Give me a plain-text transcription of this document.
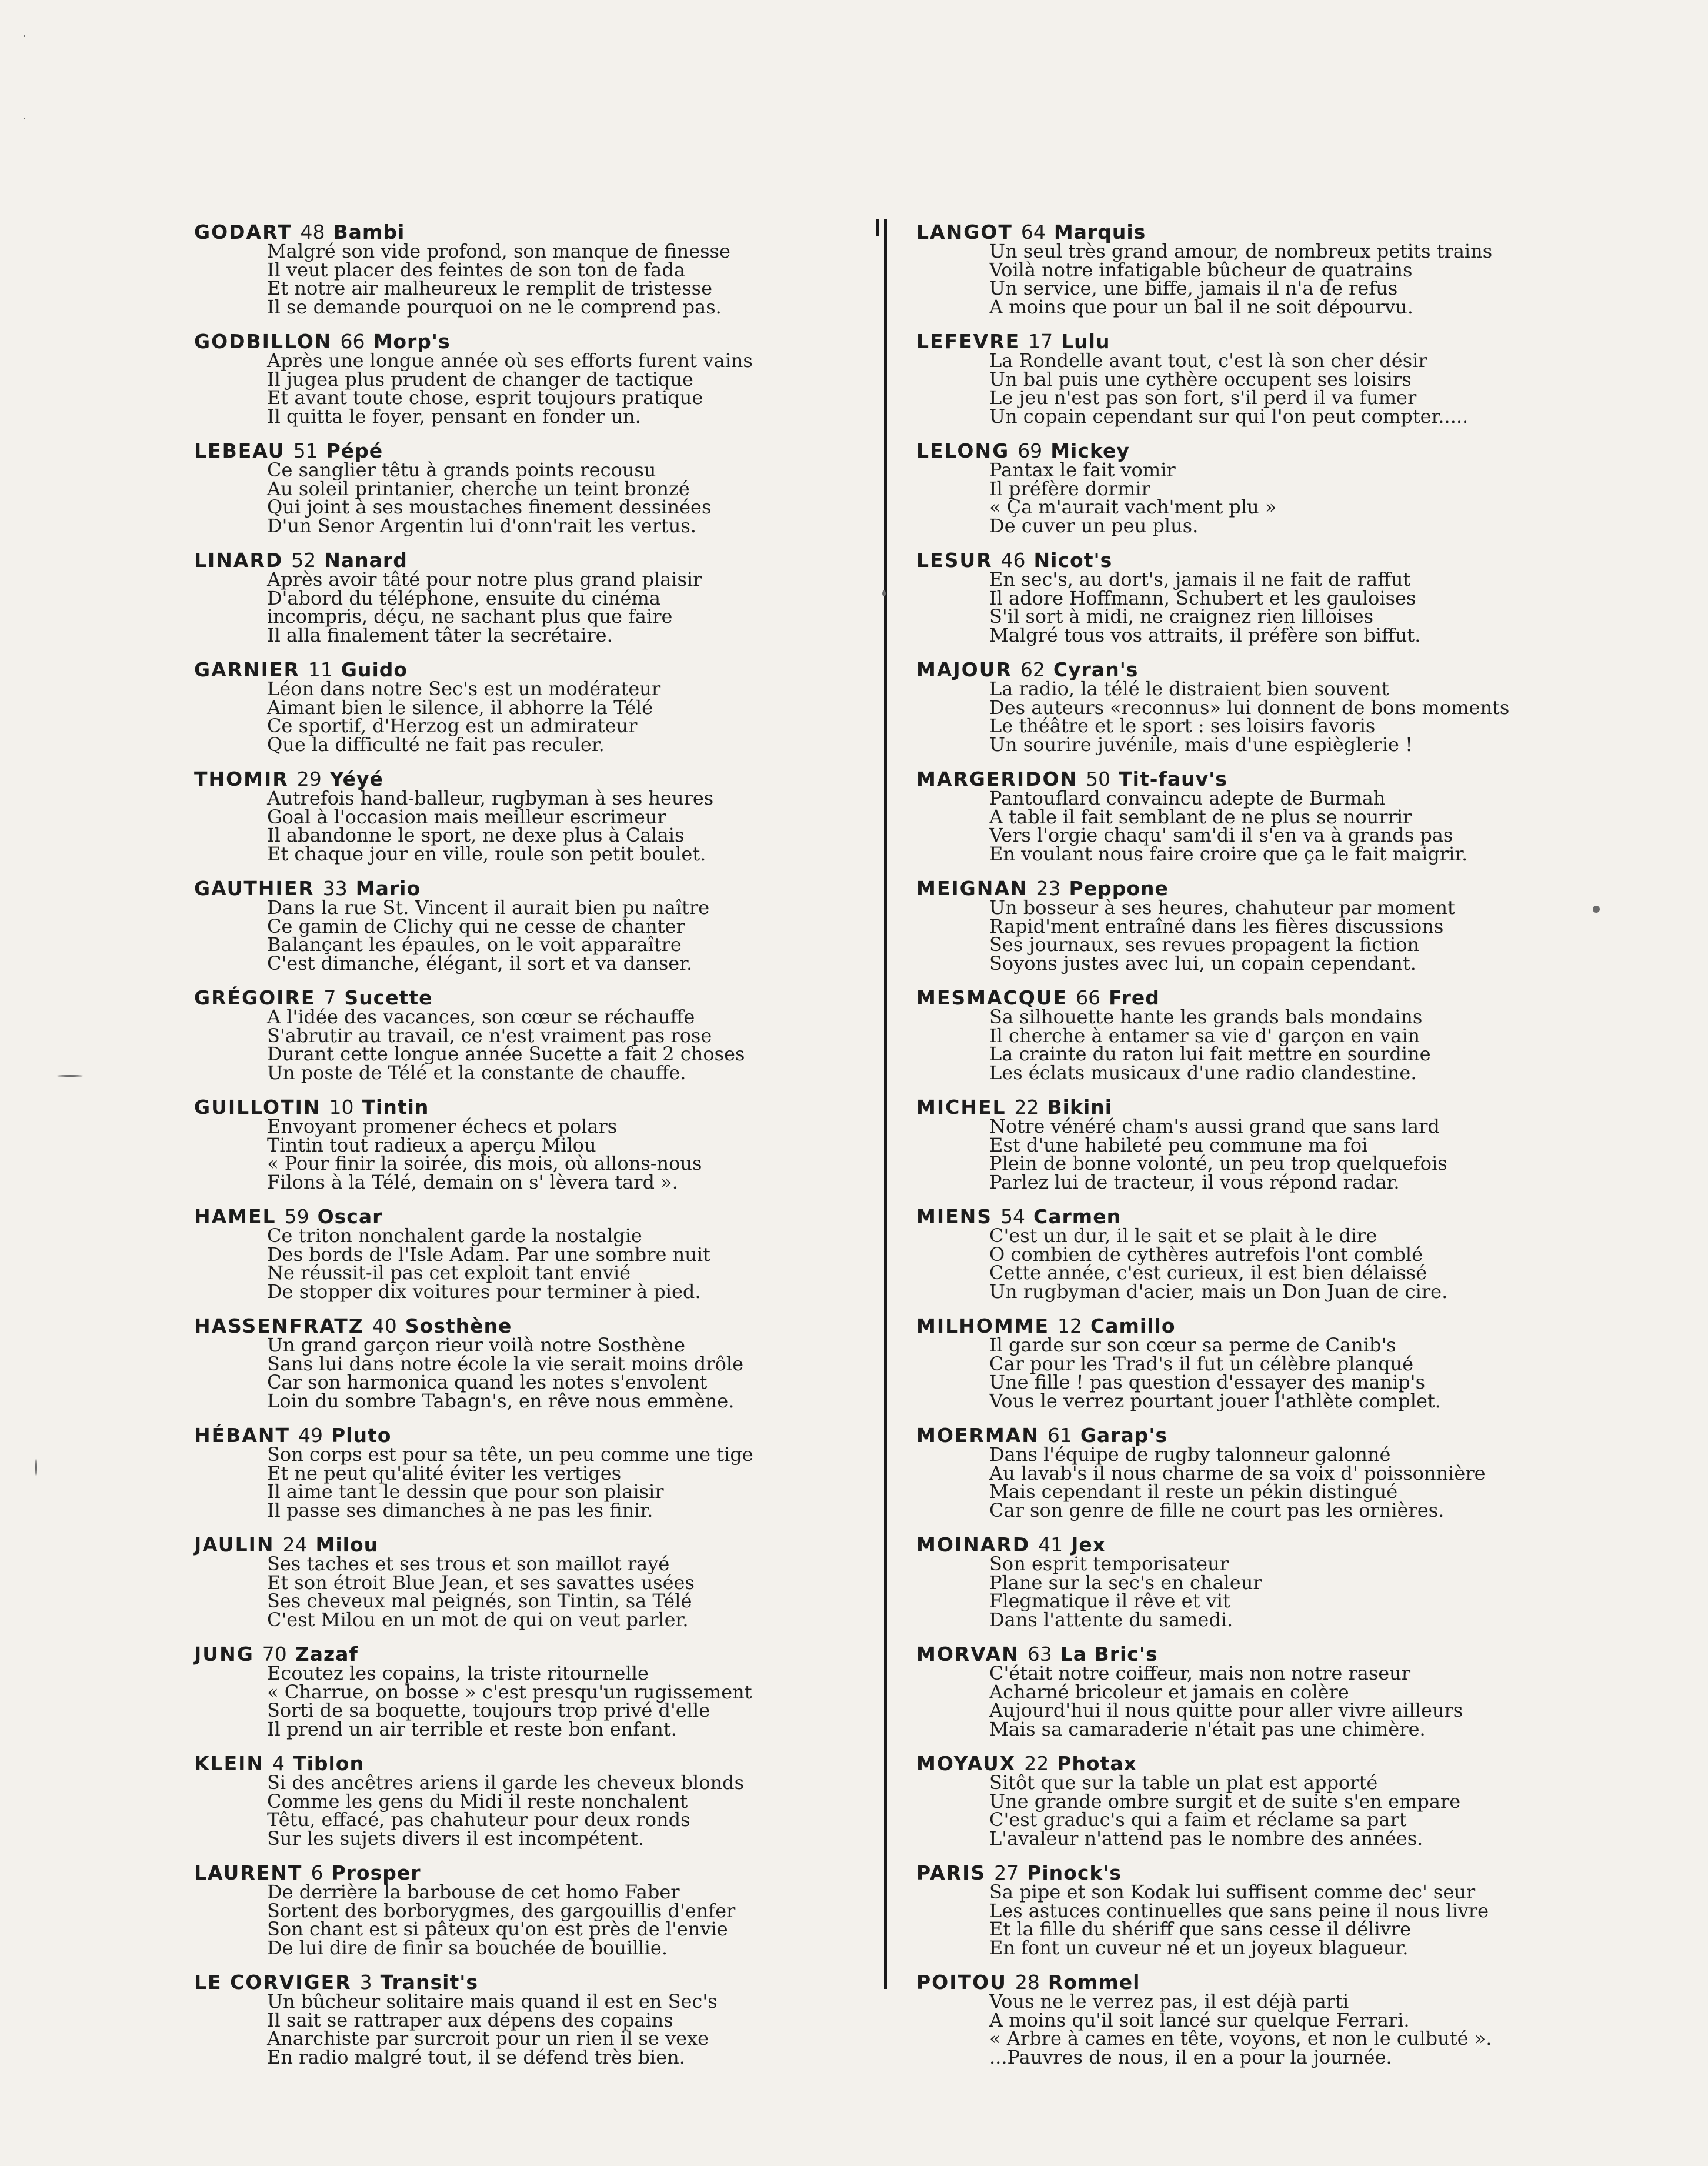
GODART 48 Bambi
Malgré son vide profond, son manque de finesse
Il veut placer des feintes de son ton de fada
Et notre air malheureux le remplit de tristesse
Il se demande pourquoi on ne le comprend pas.
GODBILLON 66 Morp's
Après une longue année où ses efforts furent vains
Il jugea plus prudent de changer de tactique
Et avant toute chose, esprit toujours pratique
Il quitta le foyer, pensant en fonder un.
LEBEAU 51 Pépé
Ce sanglier têtu à grands points recousu
Au soleil printanier, cherche un teint bronzé
Qui joint à ses moustaches finement dessinées
D'un Senor Argentin lui d'onn'rait les vertus.
LINARD 52 Nanard
Après avoir tâté pour notre plus grand plaisir
D'abord du téléphone, ensuite du cinéma
incompris, déçu, ne sachant plus que faire
Il alla finalement tâter la secrétaire.
GARNIER 11 Guido
Léon dans notre Sec's est un modérateur
Aimant bien le silence, il abhorre la Télé
Ce sportif, d'Herzog est un admirateur
Que la difficulté ne fait pas reculer.
THOMIR 29 Yéyé
Autrefois hand-balleur, rugbyman à ses heures
Goal à l'occasion mais meilleur escrimeur
Il abandonne le sport, ne dexe plus à Calais
Et chaque jour en ville, roule son petit boulet.
GAUTHIER 33 Mario
Dans la rue St. Vincent il aurait bien pu naître
Ce gamin de Clichy qui ne cesse de chanter
Balançant les épaules, on le voit apparaître
C'est dimanche, élégant, il sort et va danser.
GRÉGOIRE 7 Sucette
A l'idée des vacances, son cœur se réchauffe
S'abrutir au travail, ce n'est vraiment pas rose
Durant cette longue année Sucette a fait 2 choses
Un poste de Télé et la constante de chauffe.
GUILLOTIN 10 Tintin
Envoyant promener échecs et polars
Tintin tout radieux a aperçu Milou
« Pour finir la soirée, dis mois, où allons-nous
Filons à la Télé, demain on s' lèvera tard ».
HAMEL 59 Oscar
Ce triton nonchalent garde la nostalgie
Des bords de l'Isle Adam. Par une sombre nuit
Ne réussit-il pas cet exploit tant envié
De stopper dix voitures pour terminer à pied.
HASSENFRATZ 40 Sosthène
Un grand garçon rieur voilà notre Sosthène
Sans lui dans notre école la vie serait moins drôle
Car son harmonica quand les notes s'envolent
Loin du sombre Tabagn's, en rêve nous emmène.
HÉBANT 49 Pluto
Son corps est pour sa tête, un peu comme une tige
Et ne peut qu'alité éviter les vertiges
Il aime tant le dessin que pour son plaisir
Il passe ses dimanches à ne pas les finir.
JAULIN 24 Milou
Ses taches et ses trous et son maillot rayé
Et son étroit Blue Jean, et ses savattes usées
Ses cheveux mal peignés, son Tintin, sa Télé
C'est Milou en un mot de qui on veut parler.
JUNG 70 Zazaf
Ecoutez les copains, la triste ritournelle
« Charrue, on bosse » c'est presqu'un rugissement
Sorti de sa boquette, toujours trop privé d'elle
Il prend un air terrible et reste bon enfant.
KLEIN 4 Tiblon
Si des ancêtres ariens il garde les cheveux blonds
Comme les gens du Midi il reste nonchalent
Têtu, effacé, pas chahuteur pour deux ronds
Sur les sujets divers il est incompétent.
LAURENT 6 Prosper
De derrière la barbouse de cet homo Faber
Sortent des borborygmes, des gargouillis d'enfer
Son chant est si pâteux qu'on est près de l'envie
De lui dire de finir sa bouchée de bouillie.
LE CORVIGER 3 Transit's
Un bûcheur solitaire mais quand il est en Sec's
Il sait se rattraper aux dépens des copains
Anarchiste par surcroit pour un rien il se vexe
En radio malgré tout, il se défend très bien.
LANGOT 64 Marquis
Un seul très grand amour, de nombreux petits trains
Voilà notre infatigable bûcheur de quatrains
Un service, une biffe, jamais il n'a de refus
A moins que pour un bal il ne soit dépourvu.
LEFEVRE 17 Lulu
La Rondelle avant tout, c'est là son cher désir
Un bal puis une cythère occupent ses loisirs
Le jeu n'est pas son fort, s'il perd il va fumer
Un copain cependant sur qui l'on peut compter.....
LELONG 69 Mickey
Pantax le fait vomir
Il préfère dormir
« Ça m'aurait vach'ment plu »
De cuver un peu plus.
LESUR 46 Nicot's
En sec's, au dort's, jamais il ne fait de raffut
Il adore Hoffmann, Schubert et les gauloises
S'il sort à midi, ne craignez rien lilloises
Malgré tous vos attraits, il préfère son biffut.
MAJOUR 62 Cyran's
La radio, la télé le distraient bien souvent
Des auteurs «reconnus» lui donnent de bons moments
Le théâtre et le sport : ses loisirs favoris
Un sourire juvénile, mais d'une espièglerie !
MARGERIDON 50 Tit-fauv's
Pantouflard convaincu adepte de Burmah
A table il fait semblant de ne plus se nourrir
Vers l'orgie chaqu' sam'di il s'en va à grands pas
En voulant nous faire croire que ça le fait maigrir.
MEIGNAN 23 Peppone
Un bosseur à ses heures, chahuteur par moment
Rapid'ment entraîné dans les fières discussions
Ses journaux, ses revues propagent la fiction
Soyons justes avec lui, un copain cependant.
MESMACQUE 66 Fred
Sa silhouette hante les grands bals mondains
Il cherche à entamer sa vie d' garçon en vain
La crainte du raton lui fait mettre en sourdine
Les éclats musicaux d'une radio clandestine.
MICHEL 22 Bikini
Notre vénéré cham's aussi grand que sans lard
Est d'une habileté peu commune ma foi
Plein de bonne volonté, un peu trop quelquefois
Parlez lui de tracteur, il vous répond radar.
MIENS 54 Carmen
C'est un dur, il le sait et se plait à le dire
O combien de cythères autrefois l'ont comblé
Cette année, c'est curieux, il est bien délaissé
Un rugbyman d'acier, mais un Don Juan de cire.
MILHOMME 12 Camillo
Il garde sur son cœur sa perme de Canib's
Car pour les Trad's il fut un célèbre planqué
Une fille ! pas question d'essayer des manip's
Vous le verrez pourtant jouer l'athlète complet.
MOERMAN 61 Garap's
Dans l'équipe de rugby talonneur galonné
Au lavab's il nous charme de sa voix d' poissonnière
Mais cependant il reste un pékin distingué
Car son genre de fille ne court pas les ornières.
MOINARD 41 Jex
Son esprit temporisateur
Plane sur la sec's en chaleur
Flegmatique il rêve et vit
Dans l'attente du samedi.
MORVAN 63 La Bric's
C'était notre coiffeur, mais non notre raseur
Acharné bricoleur et jamais en colère
Aujourd'hui il nous quitte pour aller vivre ailleurs
Mais sa camaraderie n'était pas une chimère.
MOYAUX 22 Photax
Sitôt que sur la table un plat est apporté
Une grande ombre surgit et de suite s'en empare
C'est graduc's qui a faim et réclame sa part
L'avaleur n'attend pas le nombre des années.
PARIS 27 Pinock's
Sa pipe et son Kodak lui suffisent comme dec' seur
Les astuces continuelles que sans peine il nous livre
Et la fille du shériff que sans cesse il délivre
En font un cuveur né et un joyeux blagueur.
POITOU 28 Rommel
Vous ne le verrez pas, il est déjà parti
A moins qu'il soit lancé sur quelque Ferrari.
« Arbre à cames en tête, voyons, et non le culbuté ».
...Pauvres de nous, il en a pour la journée.
